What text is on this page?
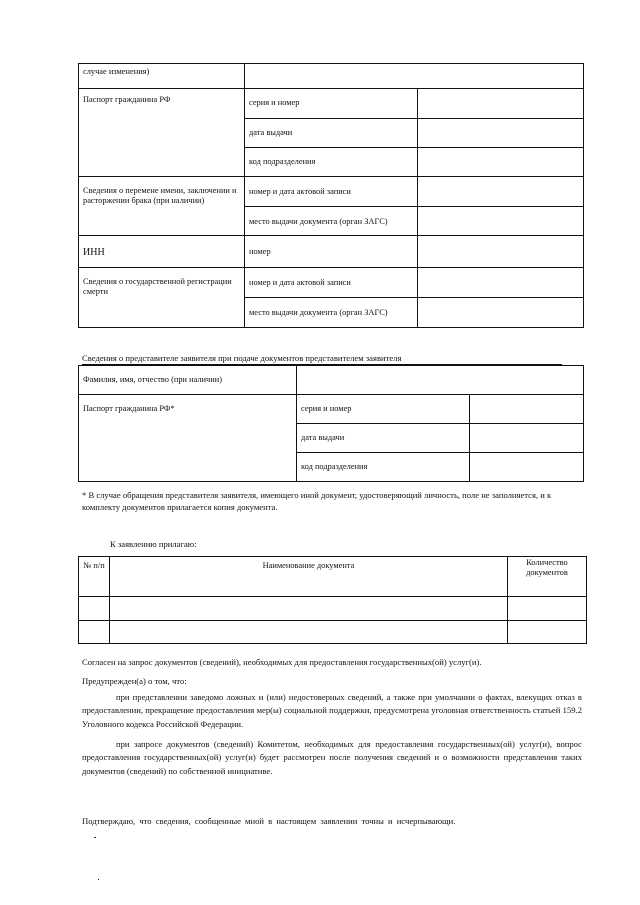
случае изменения)		

Паспорт гражданина РФ	серия и номер	

	дата выдачи	

	код подразделения	

Сведения о перемене имени, заключении и расторжении брака (при наличии)	номер и дата актовой записи	

	место выдачи документа (орган ЗАГС)	

ИНН	номер	

Сведения о государственной регистрации смерти	номер и дата актовой записи	

	место выдачи документа (орган ЗАГС)	

Сведения о представителе заявителя при подаче документов представителем заявителя
Фамилия, имя, отчество (при наличии)		

Паспорт гражданина РФ*	серия и номер	

	дата выдачи	

	код подразделения	

* В случае обращения представителя заявителя, имеющего иной документ, удостоверяющий личность, поле не заполняется, и к комплекту документов прилагается копия документа.
К заявлению прилагаю:
№ п/п	Наименование документа	Количество документов

Согласен на запрос документов (сведений), необходимых для предоставления государственных(ой) услуг(и).
Предупрежден(а) о том, что:
при представлении заведомо ложных и (или) недостоверных сведений, а также при умолчании о фактах, влекущих отказ в предоставлении, прекращение предоставления мер(ы) социальной поддержки, предусмотрена уголовная ответственность статьей 159.2 Уголовного кодекса Российской Федерации.
при запросе документов (сведений) Комитетом, необходимых для предоставления государственных(ой) услуг(и), вопрос предоставления государственных(ой) услуг(и) будет рассмотрен после получения сведений и о возможности представления таких документов (сведений) по собственной инициативе.
Подтверждаю, что сведения, сообщенные мной в настоящем заявлении точны и исчерпывающи.
